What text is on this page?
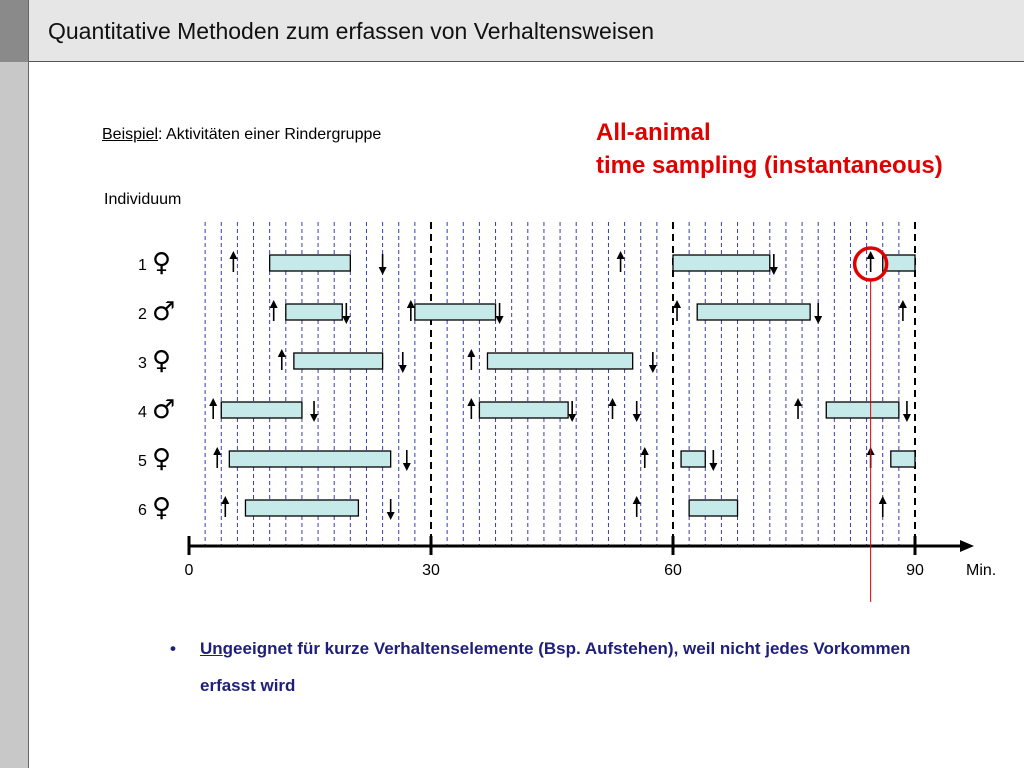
Quantitative Methoden zum erfassen von Verhaltensweisen
Beispiel: Aktivitäten einer Rindergruppe	All-animal
time sampling (instantaneous)
Individuum
1 ♀
2 ♂
3 ♀
4 ♂
5 ♀
6 ♀
0	30	60	90	Min.
• Ungeeignet für kurze Verhaltenselemente (Bsp. Aufstehen), weil nicht jedes Vorkommen erfasst wird
